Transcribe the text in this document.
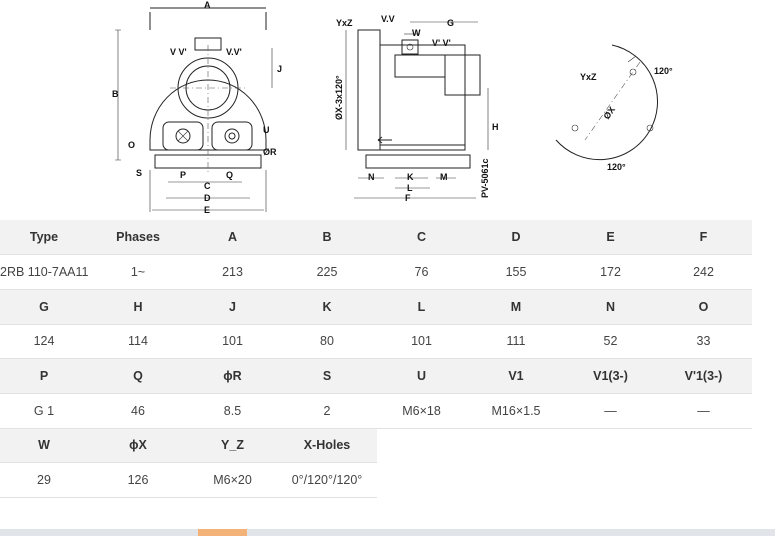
A
B
J
O
S	P	Q
C
D
E
U
ØR
V V'	V.V'
YxZ	V.V
W
V' V'
G
ØX-3x120°
H
N	K	M
L
F	PV-5061c
YxZ
ØX
120°
120°
Type	Phases	A	B	C	D	E	F
2RB 110-7AA11	1~	213	225	76	155	172	242
G	H	J	K	L	M	N	O
124	114	101	80	101	111	52	33
P	Q	ϕR	S	U	V1	V1(3-)	V'1(3-)
G 1	46	8.5	2	M6×18	M16×1.5	—	—
W	ϕX	Y_Z	X-Holes				
29	126	M6×20	0°/120°/120°				
